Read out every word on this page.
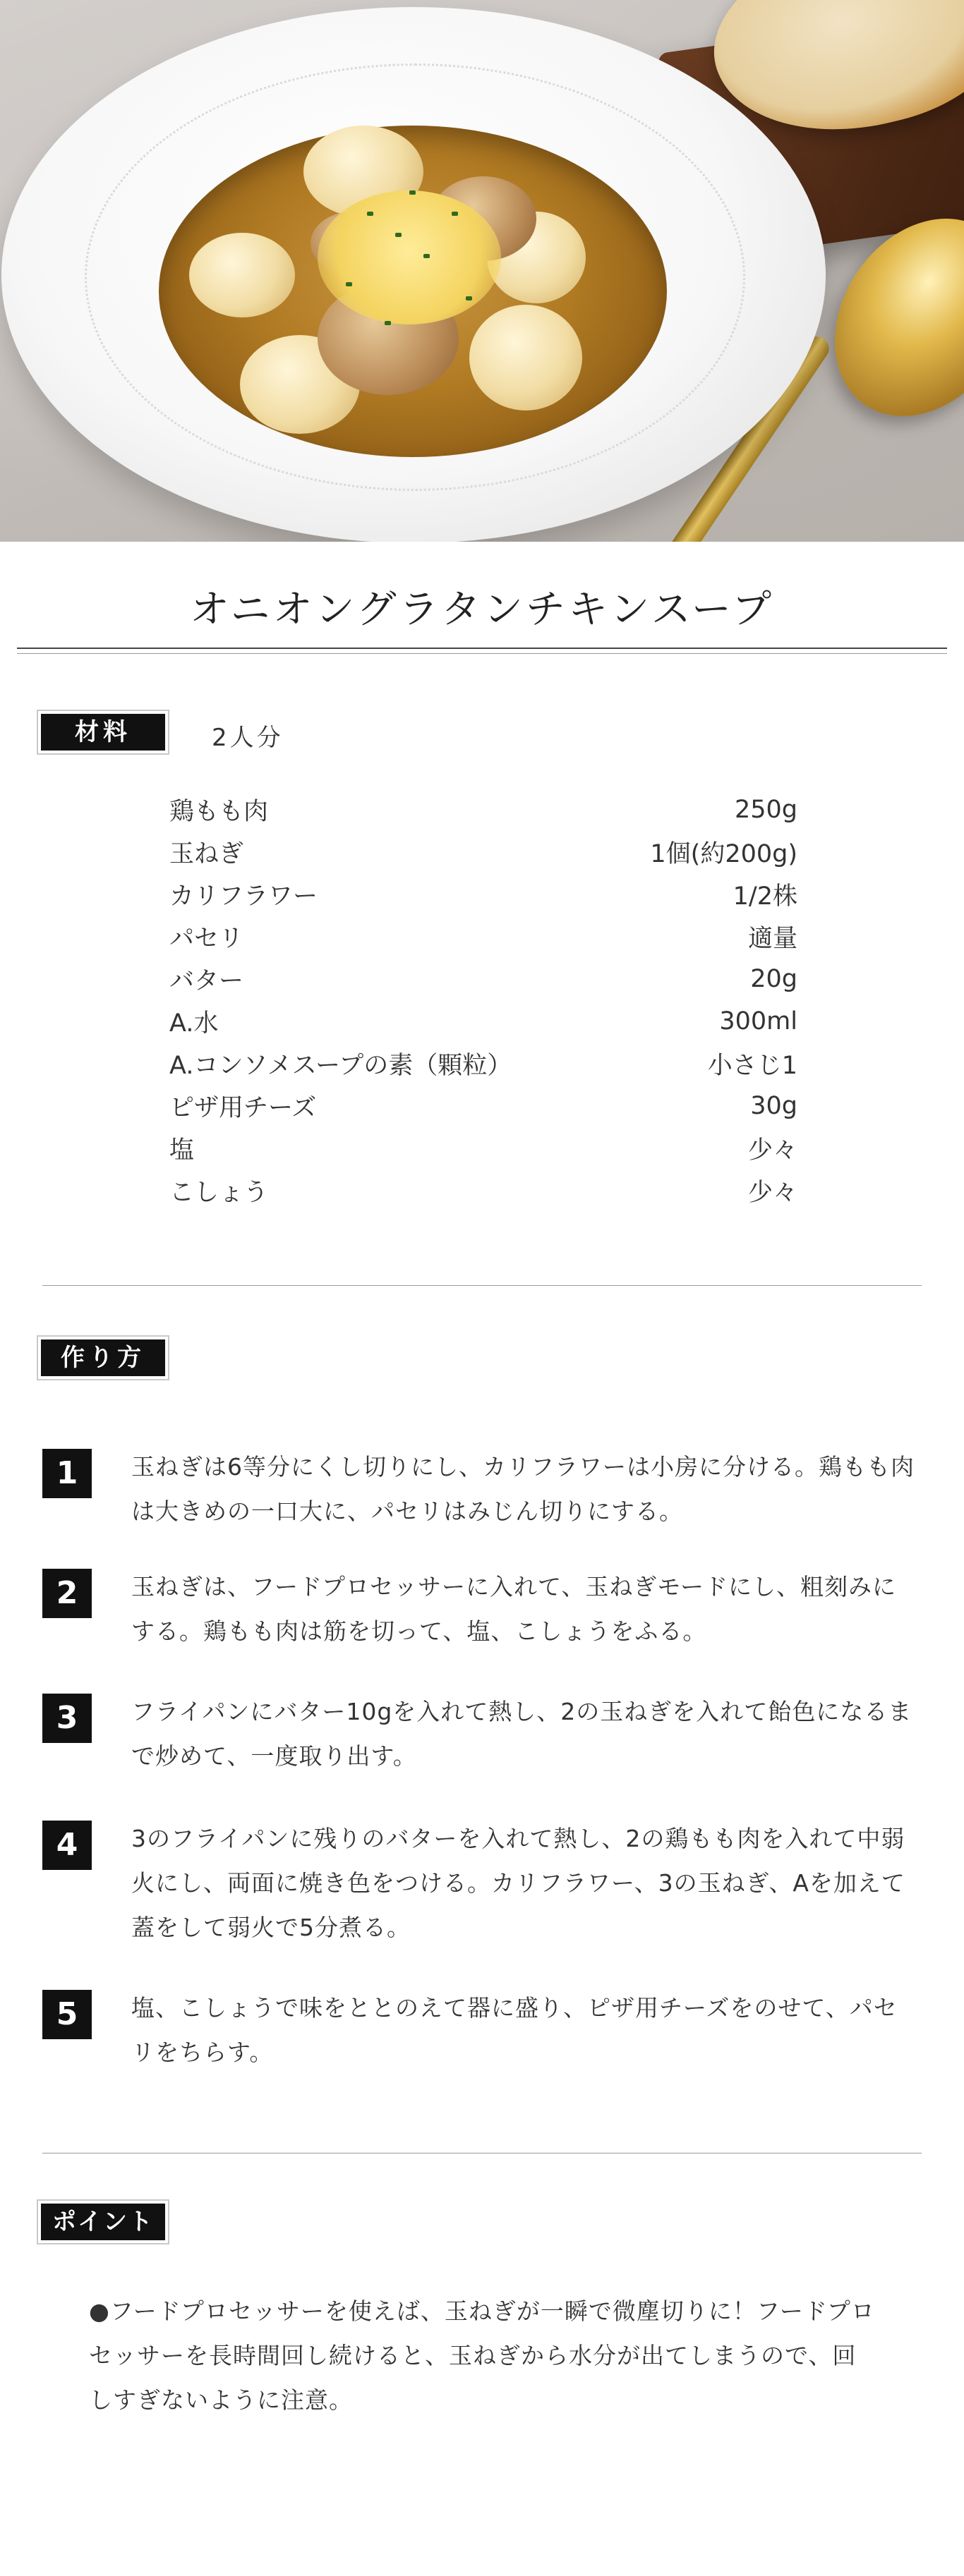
オニオングラタンチキンスープ
材料	2人分
鶏もも肉	250g
玉ねぎ	1個(約200g)
カリフラワー	1/2株
パセリ	適量
バター	20g
A.水	300ml
A.コンソメスープの素（顆粒）	小さじ1
ピザ用チーズ	30g
塩	少々
こしょう	少々
作り方
1	玉ねぎは6等分にくし切りにし、カリフラワーは小房に分ける。鶏もも肉は大きめの一口大に、パセリはみじん切りにする。
2	玉ねぎは、フードプロセッサーに入れて、玉ねぎモードにし、粗刻みにする。鶏もも肉は筋を切って、塩、こしょうをふる。
3	フライパンにバター10gを入れて熱し、2の玉ねぎを入れて飴色になるまで炒めて、一度取り出す。
4	3のフライパンに残りのバターを入れて熱し、2の鶏もも肉を入れて中弱火にし、両面に焼き色をつける。カリフラワー、3の玉ねぎ、Aを加えて蓋をして弱火で5分煮る。
5	塩、こしょうで味をととのえて器に盛り、ピザ用チーズをのせて、パセリをちらす。
ポイント
●フードプロセッサーを使えば、玉ねぎが一瞬で微塵切りに！フードプロセッサーを長時間回し続けると、玉ねぎから水分が出てしまうので、回しすぎないように注意。
